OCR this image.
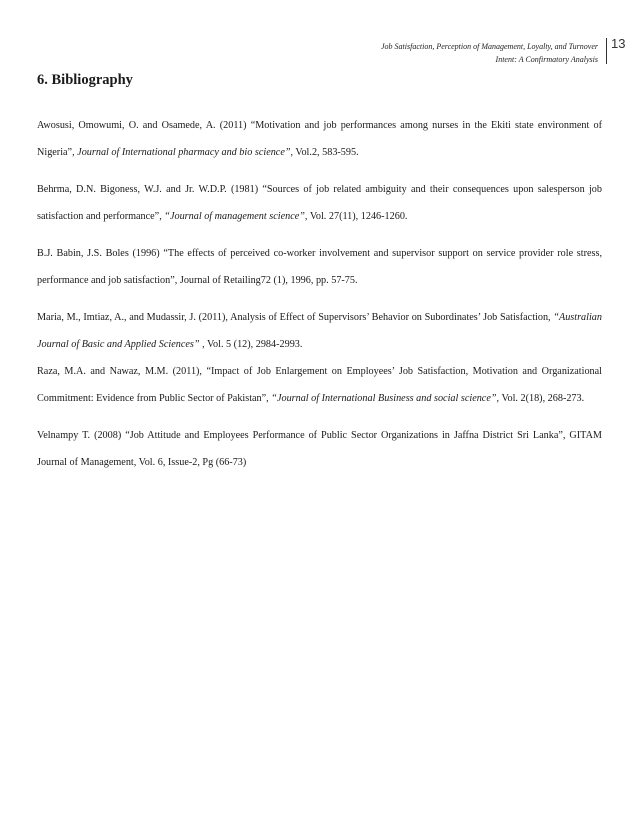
Job Satisfaction, Perception of Management, Loyalty, and Turnover
Intent: A Confirmatory Analysis
13
6. Bibliography

Awosusi, Omowumi, O. and Osamede, A. (2011) “Motivation and job performances among nurses in the Ekiti state environment of Nigeria”, Journal of International pharmacy and bio science”, Vol.2, 583-595.

Behrma, D.N. Bigoness, W.J. and Jr. W.D.P. (1981) “Sources of job related ambiguity and their consequences upon salesperson job satisfaction and performance”, “Journal of management science”, Vol. 27(11), 1246-1260.

B.J. Babin, J.S. Boles (1996) “The effects of perceived co-worker involvement and supervisor support on service provider role stress, performance and job satisfaction”, Journal of Retailing72 (1), 1996, pp. 57-75.

Maria, M., Imtiaz, A., and Mudassir, J. (2011), Analysis of Effect of Supervisors’ Behavior on Subordinates’ Job Satisfaction, “Australian Journal of Basic and Applied Sciences” , Vol. 5 (12), 2984-2993.

Raza, M.A. and Nawaz, M.M. (2011), “Impact of Job Enlargement on Employees’ Job Satisfaction, Motivation and Organizational Commitment: Evidence from Public Sector of Pakistan”, “Journal of International Business and social science”, Vol. 2(18), 268-273.

Velnampy T. (2008) “Job Attitude and Employees Performance of Public Sector Organizations in Jaffna District Sri Lanka”, GITAM Journal of Management, Vol. 6, Issue-2, Pg (66-73)
